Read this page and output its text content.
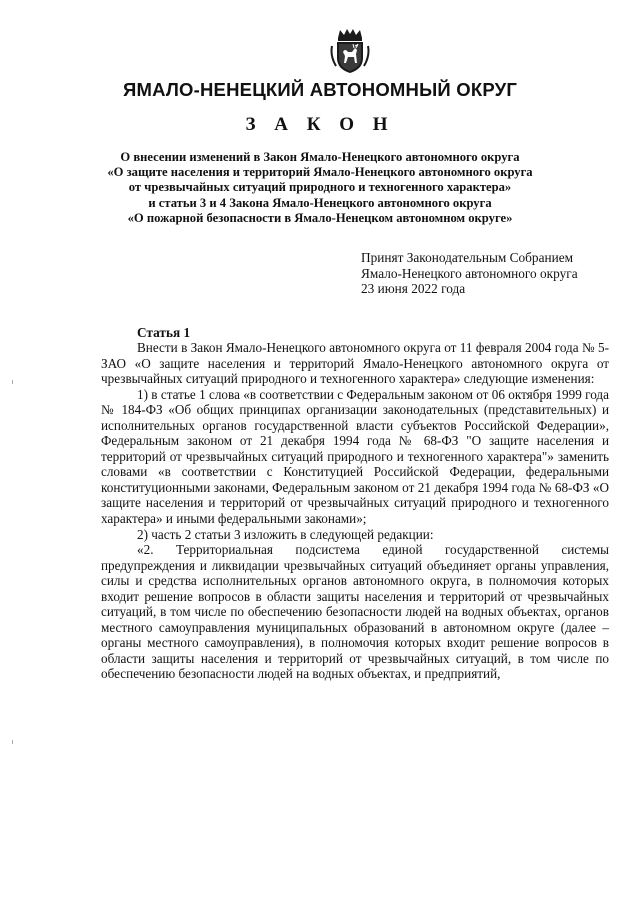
ЯМАЛО-НЕНЕЦКИЙ АВТОНОМНЫЙ ОКРУГ
З А К О Н
О внесении изменений в Закон Ямало-Ненецкого автономного округа
«О защите населения и территорий Ямало-Ненецкого автономного округа
от чрезвычайных ситуаций природного и техногенного характера»
и статьи 3 и 4 Закона Ямало-Ненецкого автономного округа
«О пожарной безопасности в Ямало-Ненецком автономном округе»
Принят Законодательным Собранием
Ямало-Ненецкого автономного округа
23 июня 2022 года
Статья 1

Внести в Закон Ямало-Ненецкого автономного округа от 11 февраля 2004 года № 5-ЗАО «О защите населения и территорий Ямало-Ненецкого автономного округа от чрезвычайных ситуаций природного и техногенного характера» следующие изменения:

1) в статье 1 слова «в соответствии с Федеральным законом от 06 октября 1999 года № 184-ФЗ «Об общих принципах организации законодательных (представительных) и исполнительных органов государственной власти субъектов Российской Федерации», Федеральным законом от 21 декабря 1994 года № 68-ФЗ "О защите населения и территорий от чрезвычайных ситуаций природного и техногенного характера"» заменить словами «в соответствии с Конституцией Российской Федерации, федеральными конституционными законами, Федеральным законом от 21 декабря 1994 года № 68-ФЗ «О защите населения и территорий от чрезвычайных ситуаций природного и техногенного характера» и иными федеральными законами»;

2) часть 2 статьи 3 изложить в следующей редакции:

«2. Территориальная подсистема единой государственной системы предупреждения и ликвидации чрезвычайных ситуаций объединяет органы управления, силы и средства исполнительных органов автономного округа, в полномочия которых входит решение вопросов в области защиты населения и территорий от чрезвычайных ситуаций, в том числе по обеспечению безопасности людей на водных объектах, органов местного самоуправления муниципальных образований в автономном округе (далее – органы местного самоуправления), в полномочия которых входит решение вопросов в области защиты населения и территорий от чрезвычайных ситуаций, в том числе по обеспечению безопасности людей на водных объектах, и предприятий,
